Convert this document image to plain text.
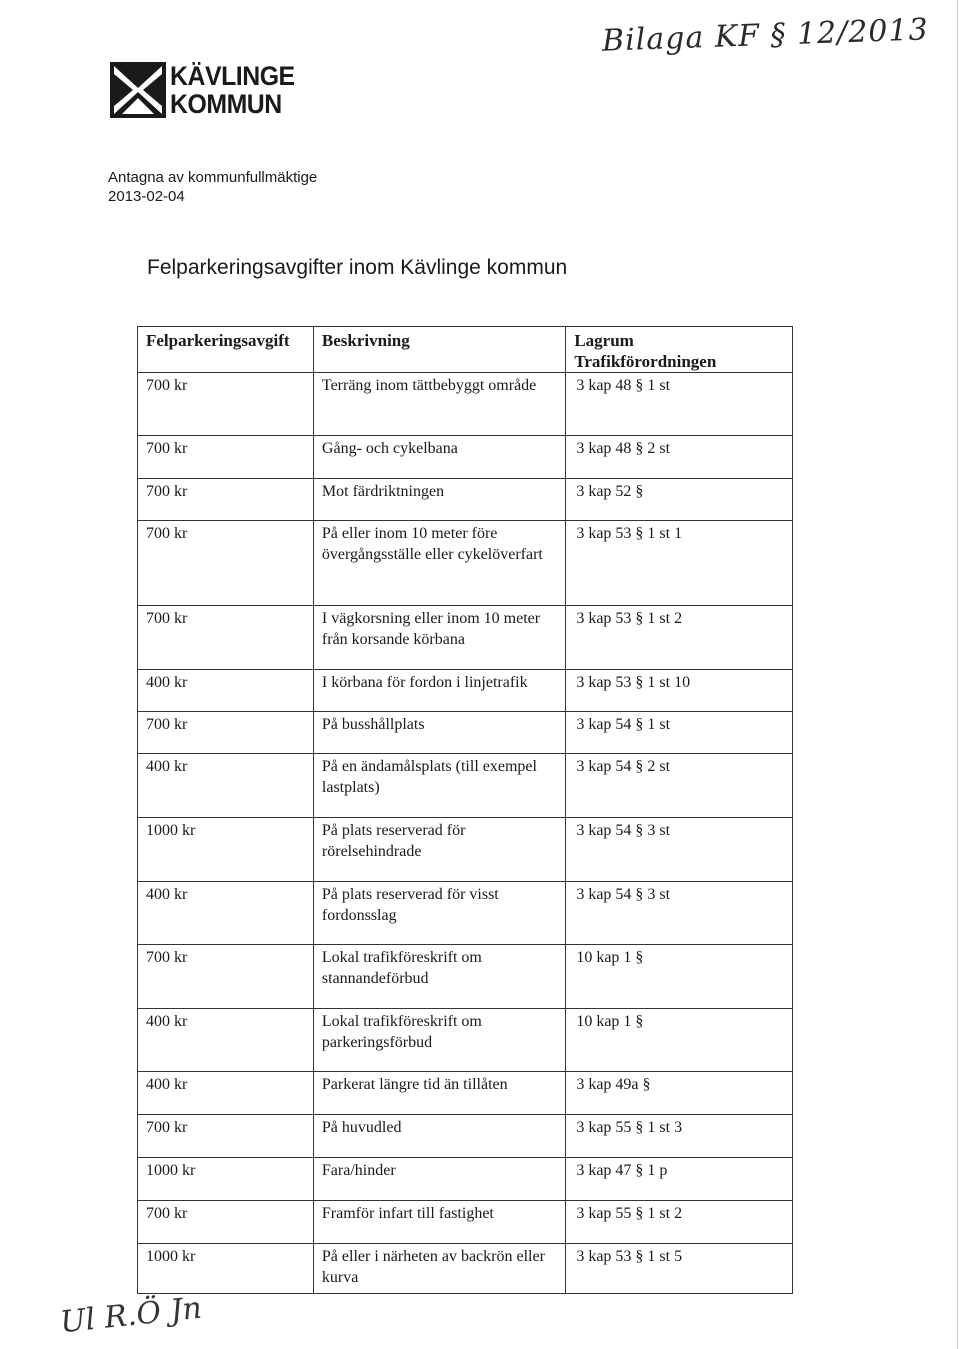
Bilaga KF § 12/2013
KÄVLINGE
KOMMUN
Antagna av kommunfullmäktige
2013-02-04
Felparkeringsavgifter inom Kävlinge kommun
Felparkeringsavgift	Beskrivning	Lagrum
Trafikförordningen

700 kr	Terräng inom tättbebyggt område	3 kap 48 § 1 st
700 kr	Gång- och cykelbana	3 kap 48 § 2 st
700 kr	Mot färdriktningen	3 kap 52 §
700 kr	På eller inom 10 meter före övergångsställe eller cykelöverfart	3 kap 53 § 1 st 1
700 kr	I vägkorsning eller inom 10 meter från korsande körbana	3 kap 53 § 1 st 2
400 kr	I körbana för fordon i linjetrafik	3 kap 53 § 1 st 10
700 kr	På busshållplats	3 kap 54 § 1 st
400 kr	På en ändamålsplats (till exempel lastplats)	3 kap 54 § 2 st
1000 kr	På plats reserverad för rörelsehindrade	3 kap 54 § 3 st
400 kr	På plats reserverad för visst fordonsslag	3 kap 54 § 3 st
700 kr	Lokal trafikföreskrift om stannandeförbud	10 kap 1 §
400 kr	Lokal trafikföreskrift om parkeringsförbud	10 kap 1 §
400 kr	Parkerat längre tid än tillåten	3 kap 49a §
700 kr	På huvudled	3 kap 55 § 1 st 3
1000 kr	Fara/hinder	3 kap 47 § 1 p
700 kr	Framför infart till fastighet	3 kap 55 § 1 st 2
1000 kr	På eller i närheten av backrön eller kurva	3 kap 53 § 1 st 5
Ul R.Ö Jn
